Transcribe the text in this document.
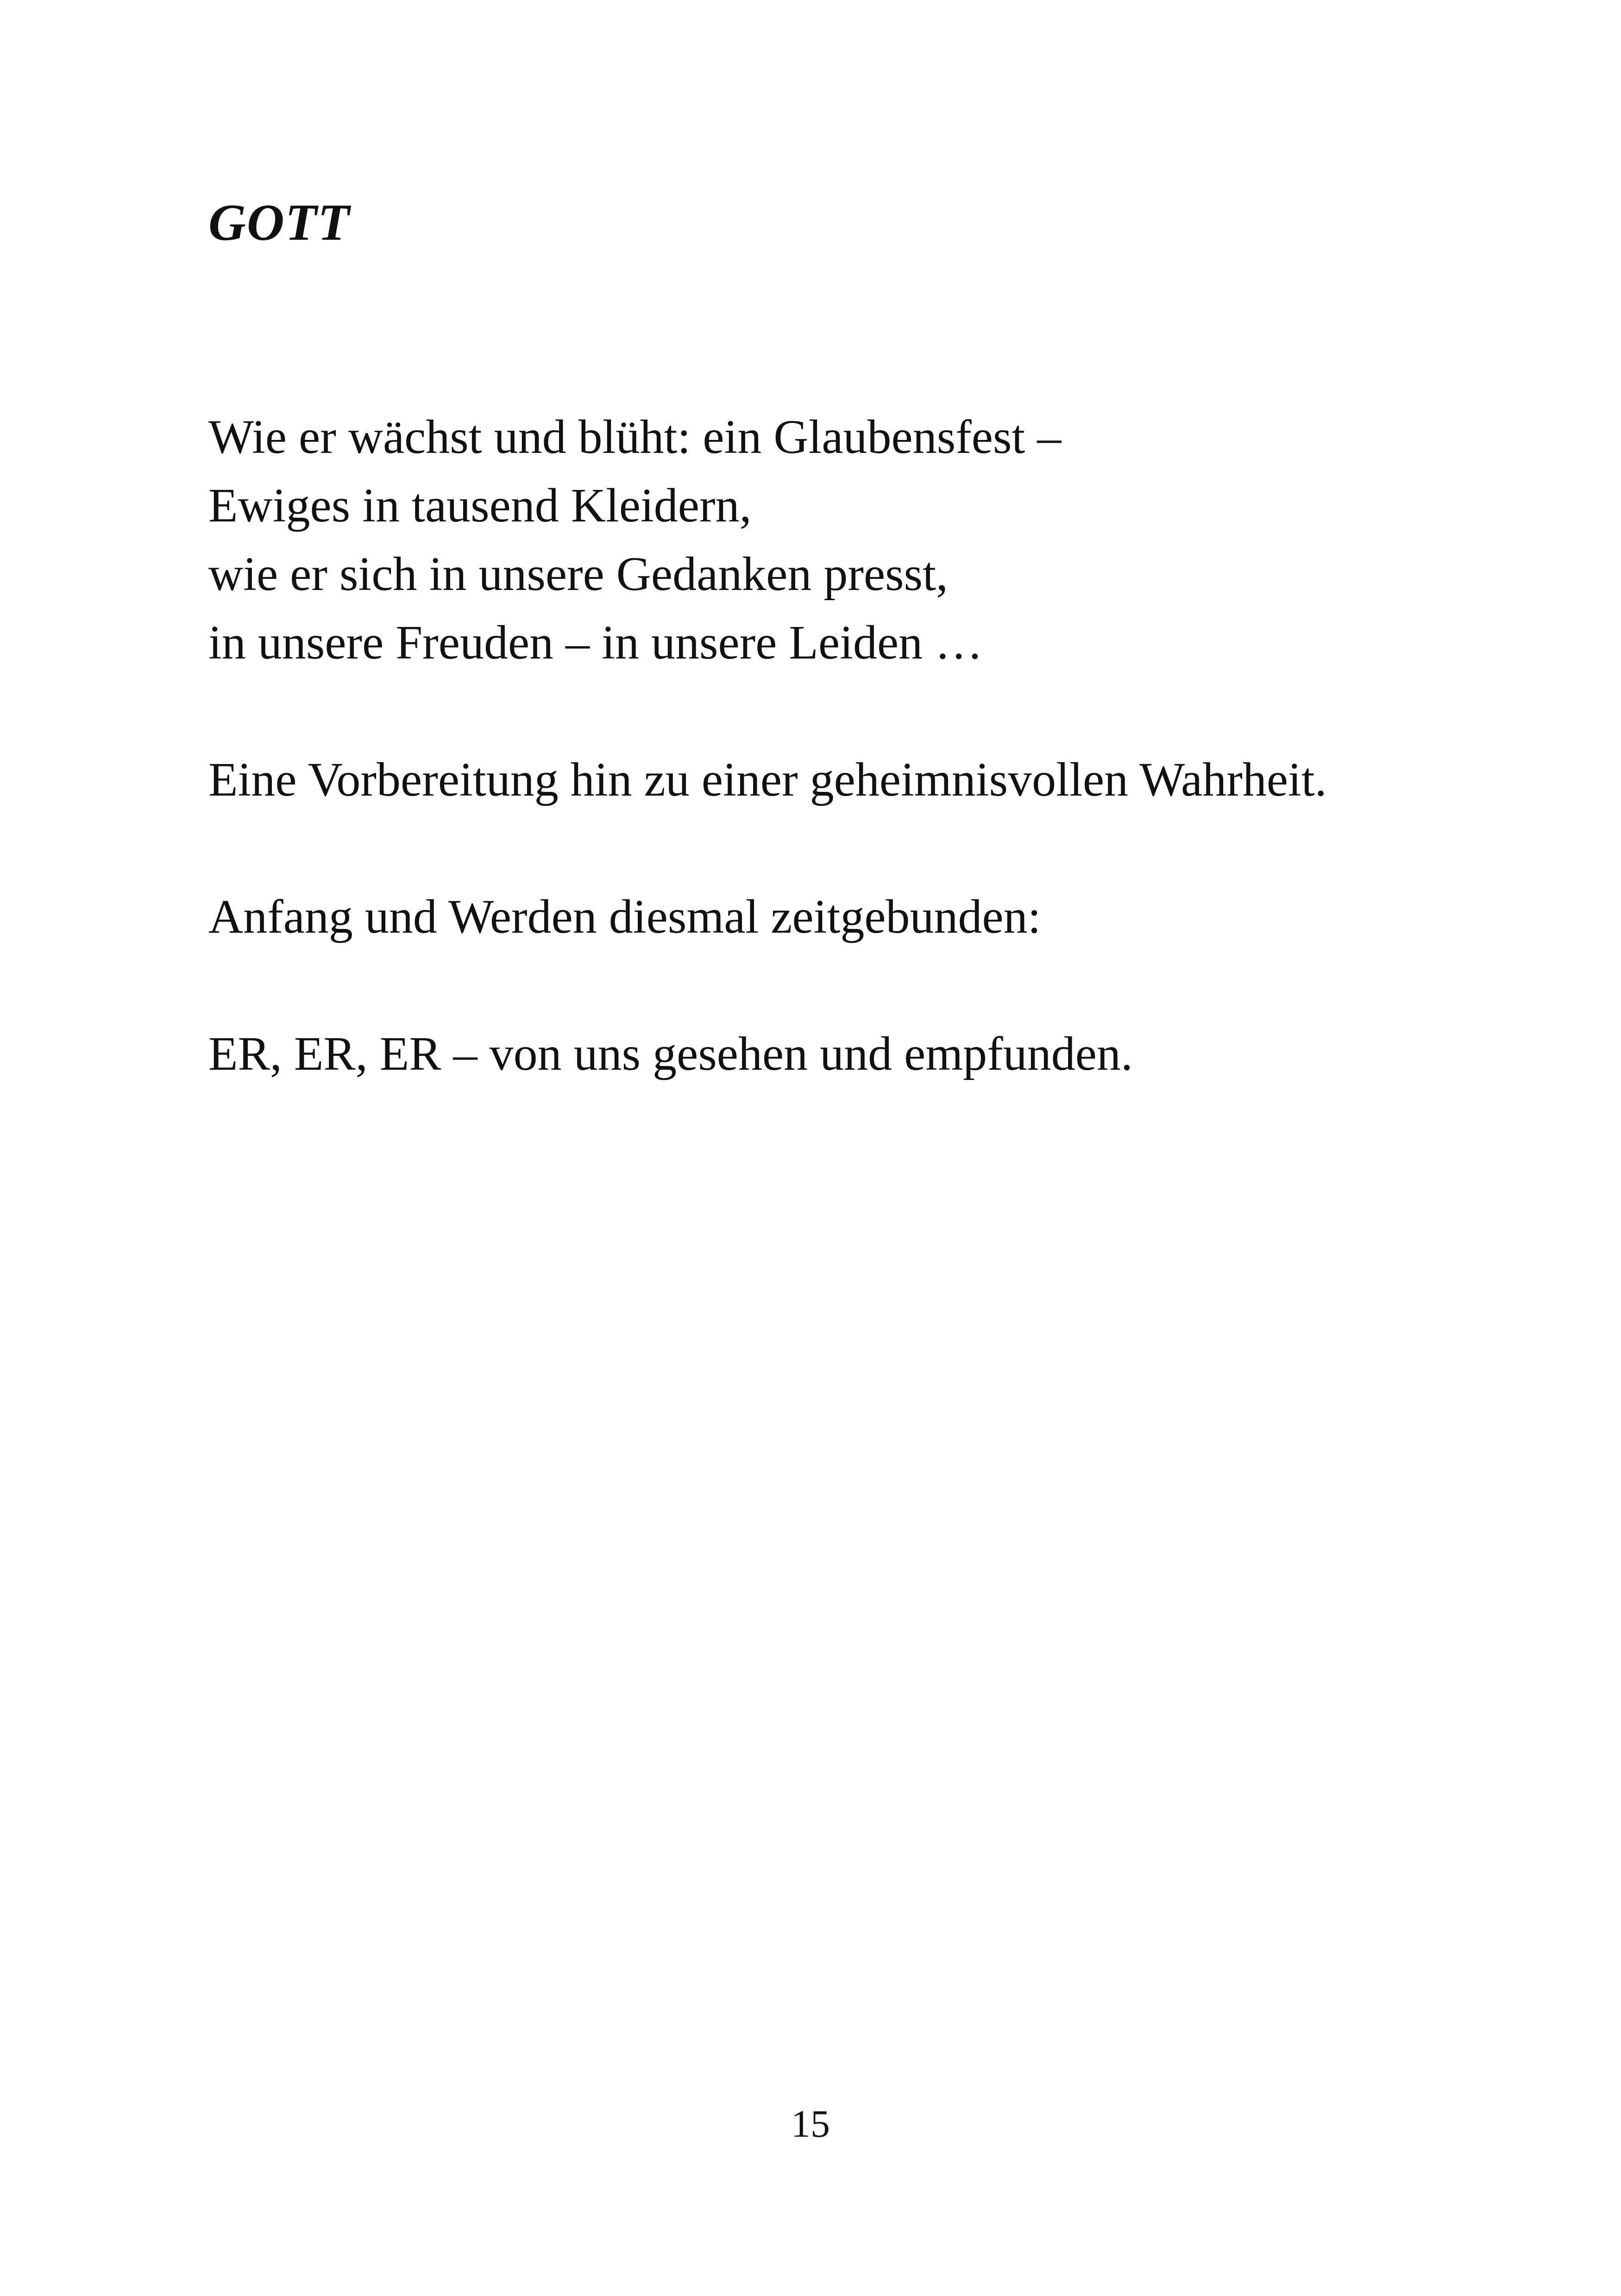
GOTT

Wie er wächst und blüht: ein Glaubensfest –
Ewiges in tausend Kleidern,
wie er sich in unsere Gedanken presst,
in unsere Freuden – in unsere Leiden …

Eine Vorbereitung hin zu einer geheimnisvollen Wahrheit.

Anfang und Werden diesmal zeitgebunden:

ER, ER, ER – von uns gesehen und empfunden.

15
